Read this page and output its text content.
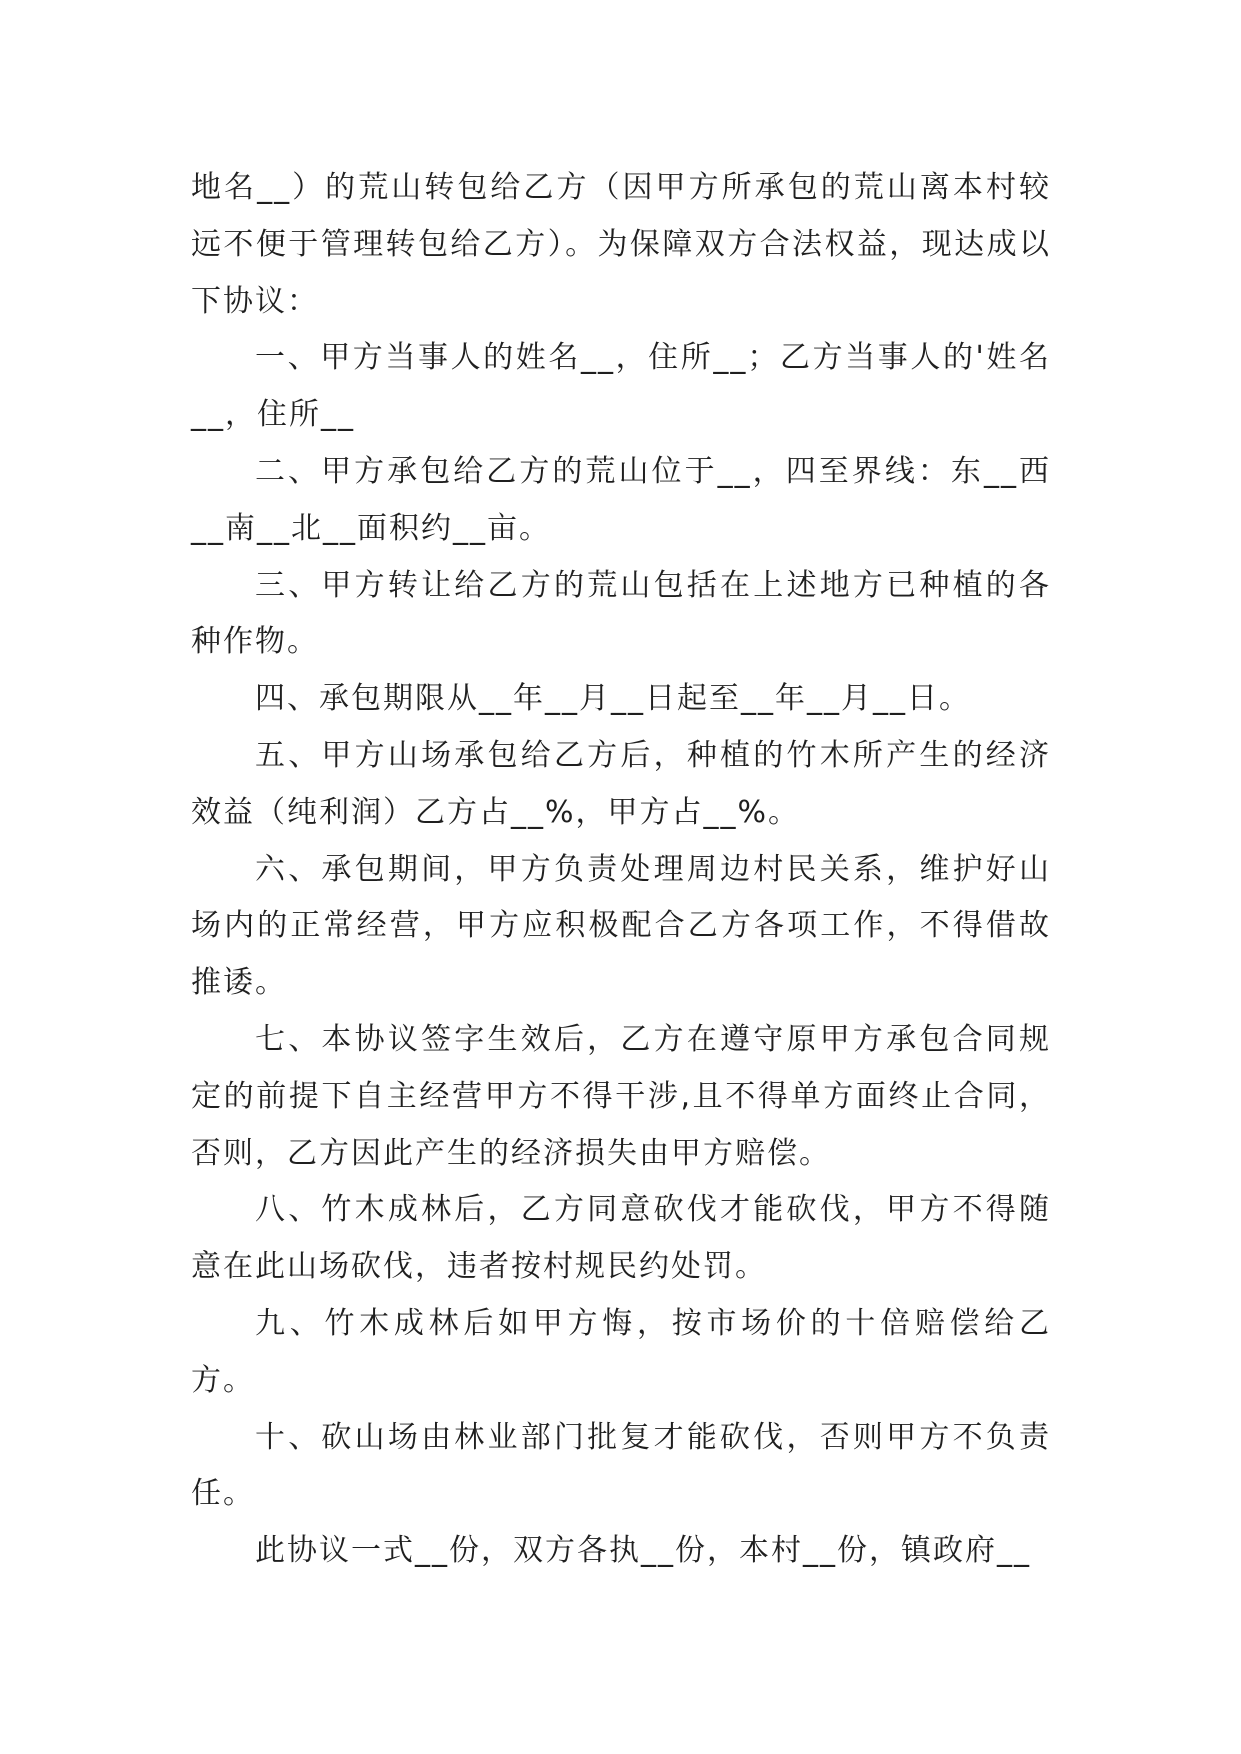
地名__）的荒山转包给乙方（因甲方所承包的荒山离本村较远不便于管理转包给乙方）。为保障双方合法权益，现达成以下协议：

一、甲方当事人的姓名__，住所__；乙方当事人的'姓名__，住所__

二、甲方承包给乙方的荒山位于__，四至界线：东__西__南__北__面积约__亩。

三、甲方转让给乙方的荒山包括在上述地方已种植的各种作物。

四、承包期限从__年__月__日起至__年__月__日。

五、甲方山场承包给乙方后，种植的竹木所产生的经济效益（纯利润）乙方占__%，甲方占__%。

六、承包期间，甲方负责处理周边村民关系，维护好山场内的正常经营，甲方应积极配合乙方各项工作，不得借故推诿。

七、本协议签字生效后，乙方在遵守原甲方承包合同规定的前提下自主经营甲方不得干涉,且不得单方面终止合同，否则，乙方因此产生的经济损失由甲方赔偿。

八、竹木成林后，乙方同意砍伐才能砍伐，甲方不得随意在此山场砍伐，违者按村规民约处罚。

九、竹木成林后如甲方悔，按市场价的十倍赔偿给乙方。

十、砍山场由林业部门批复才能砍伐，否则甲方不负责任。

此协议一式__份，双方各执__份，本村__份，镇政府__
